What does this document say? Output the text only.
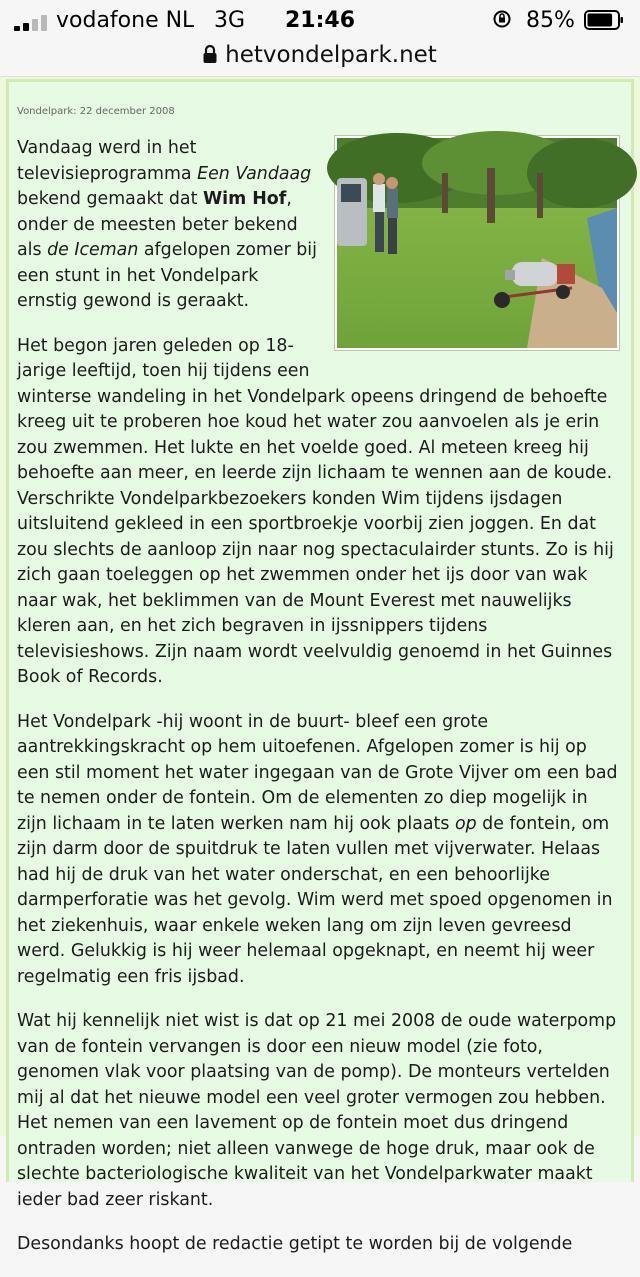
vodafone NL 3G	21:46	85%
hetvondelpark.net
Vondelpark: 22 december 2008

Vandaag werd in het televisieprogramma Een Vandaag bekend gemaakt dat Wim Hof, onder de meesten beter bekend als de Iceman afgelopen zomer bij een stunt in het Vondelpark ernstig gewond is geraakt.

Het begon jaren geleden op 18-jarige leeftijd, toen hij tijdens een winterse wandeling in het Vondelpark opeens dringend de behoefte kreeg uit te proberen hoe koud het water zou aanvoelen als je erin zou zwemmen. Het lukte en het voelde goed. Al meteen kreeg hij behoefte aan meer, en leerde zijn lichaam te wennen aan de koude. Verschrikte Vondelparkbezoekers konden Wim tijdens ijsdagen uitsluitend gekleed in een sportbroekje voorbij zien joggen. En dat zou slechts de aanloop zijn naar nog spectaculairder stunts. Zo is hij zich gaan toeleggen op het zwemmen onder het ijs door van wak naar wak, het beklimmen van de Mount Everest met nauwelijks kleren aan, en het zich begraven in ijssnippers tijdens televisieshows. Zijn naam wordt veelvuldig genoemd in het Guinnes Book of Records.

Het Vondelpark -hij woont in de buurt- bleef een grote aantrekkingskracht op hem uitoefenen. Afgelopen zomer is hij op een stil moment het water ingegaan van de Grote Vijver om een bad te nemen onder de fontein. Om de elementen zo diep mogelijk in zijn lichaam in te laten werken nam hij ook plaats op de fontein, om zijn darm door de spuitdruk te laten vullen met vijverwater. Helaas had hij de druk van het water onderschat, en een behoorlijke darmperforatie was het gevolg. Wim werd met spoed opgenomen in het ziekenhuis, waar enkele weken lang om zijn leven gevreesd werd. Gelukkig is hij weer helemaal opgeknapt, en neemt hij weer regelmatig een fris ijsbad.

Wat hij kennelijk niet wist is dat op 21 mei 2008 de oude waterpomp van de fontein vervangen is door een nieuw model (zie foto, genomen vlak voor plaatsing van de pomp). De monteurs vertelden mij al dat het nieuwe model een veel groter vermogen zou hebben. Het nemen van een lavement op de fontein moet dus dringend ontraden worden; niet alleen vanwege de hoge druk, maar ook de slechte bacteriologische kwaliteit van het Vondelparkwater maakt ieder bad zeer riskant.

Desondanks hoopt de redactie getipt te worden bij de volgende
